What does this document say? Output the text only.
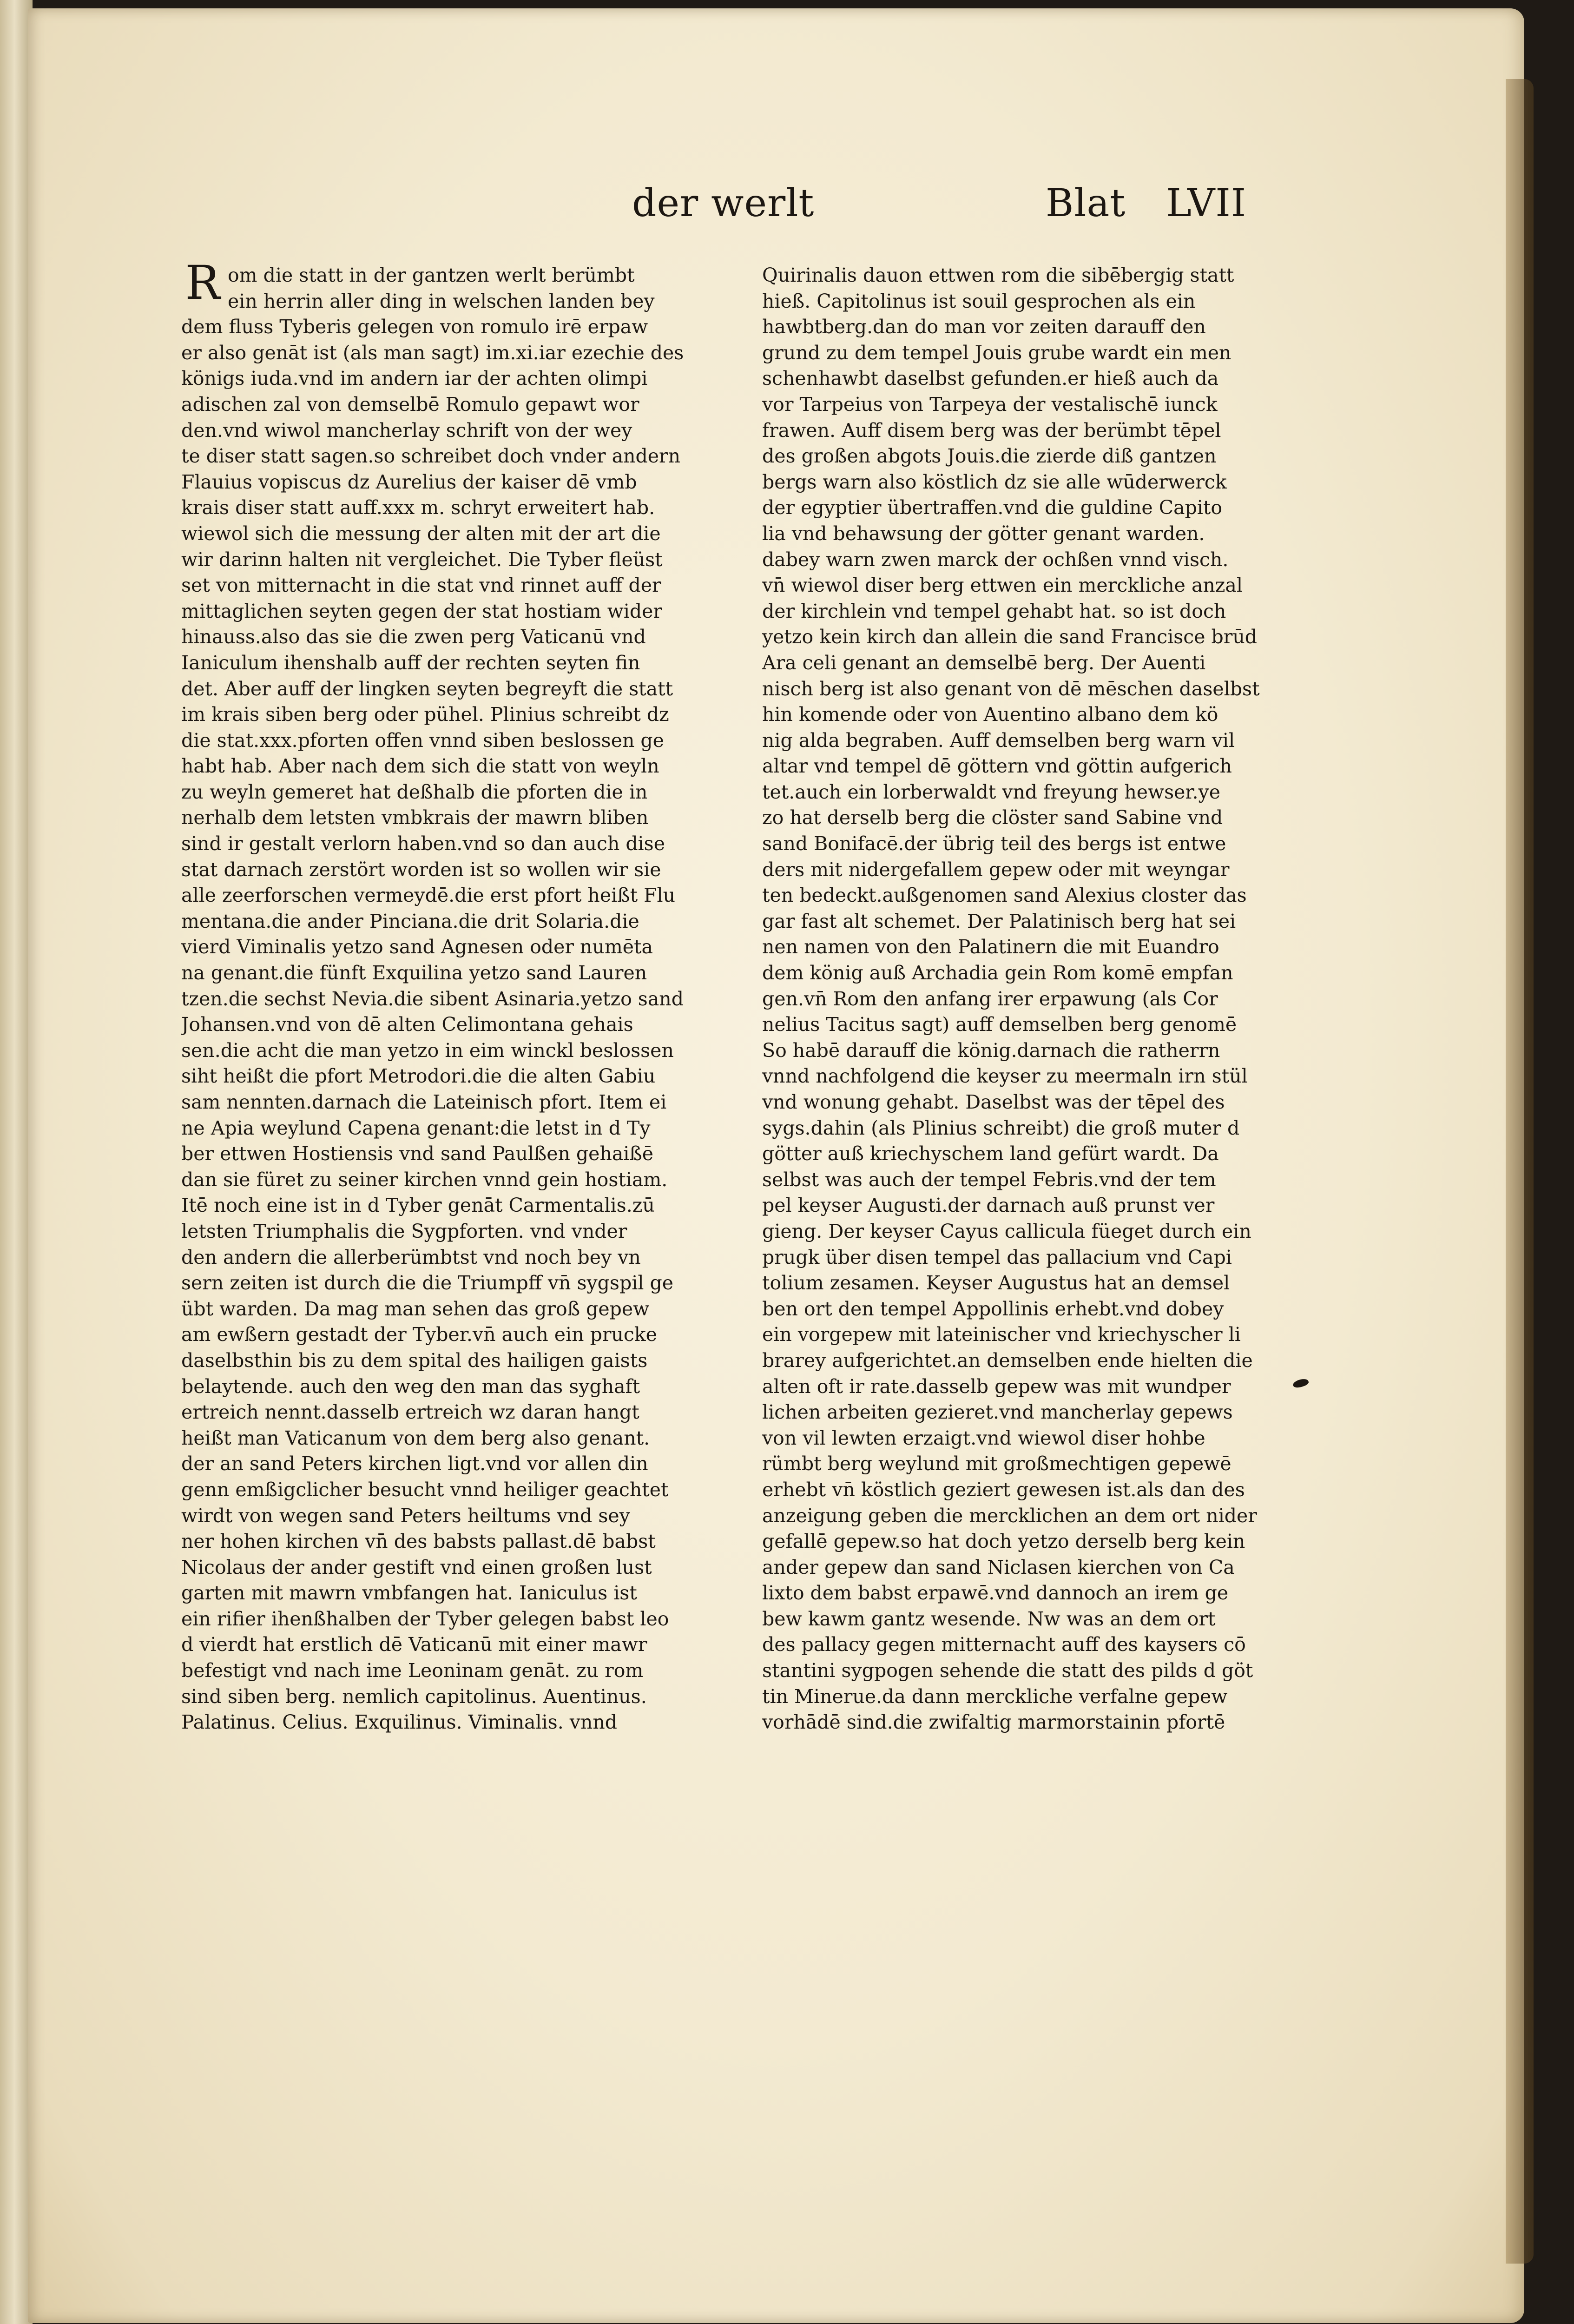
der werlt	Blat LVII
R om die statt in der gantzen werlt berümbt
ein herrin aller ding in welschen landen bey
dem fluss Tyberis gelegen von romulo irē erpaw
er also genāt ist (als man sagt) im.xi.iar ezechie des
königs iuda.vnd im andern iar der achten olimpi
adischen zal von demselbē Romulo gepawt wor
den.vnd wiwol mancherlay schrift von der wey
te diser statt sagen.so schreibet doch vnder andern
Flauius vopiscus dz Aurelius der kaiser dē vmb
krais diser statt auff.xxx m. schryt erweitert hab.
wiewol sich die messung der alten mit der art die
wir darinn halten nit vergleichet. Die Tyber fleüst
set von mitternacht in die stat vnd rinnet auff der
mittaglichen seyten gegen der stat hostiam wider
hinauss.also das sie die zwen perg Vaticanū vnd
Ianiculum ihenshalb auff der rechten seyten fin
det. Aber auff der lingken seyten begreyft die statt
im krais siben berg oder pühel. Plinius schreibt dz
die stat.xxx.pforten offen vnnd siben beslossen ge
habt hab. Aber nach dem sich die statt von weyln
zu weyln gemeret hat deßhalb die pforten die in
nerhalb dem letsten vmbkrais der mawrn bliben
sind ir gestalt verlorn haben.vnd so dan auch dise
stat darnach zerstört worden ist so wollen wir sie
alle zeerforschen vermeydē.die erst pfort heißt Flu
mentana.die ander Pinciana.die drit Solaria.die
vierd Viminalis yetzo sand Agnesen oder numēta
na genant.die fünft Exquilina yetzo sand Lauren
tzen.die sechst Nevia.die sibent Asinaria.yetzo sand
Johansen.vnd von dē alten Celimontana gehais
sen.die acht die man yetzo in eim winckl beslossen
siht heißt die pfort Metrodori.die die alten Gabiu
sam nennten.darnach die Lateinisch pfort. Item ei
ne Apia weylund Capena genant:die letst in d Ty
ber ettwen Hostiensis vnd sand Paulßen gehaißē
dan sie füret zu seiner kirchen vnnd gein hostiam.
Itē noch eine ist in d Tyber genāt Carmentalis.zū
letsten Triumphalis die Sygpforten. vnd vnder
den andern die allerberümbtst vnd noch bey vn
sern zeiten ist durch die die Triumpff vn̄ sygspil ge
übt warden. Da mag man sehen das groß gepew
am ewßern gestadt der Tyber.vn̄ auch ein prucke
daselbsthin bis zu dem spital des hailigen gaists
belaytende. auch den weg den man das syghaft
ertreich nennt.dasselb ertreich wz daran hangt
heißt man Vaticanum von dem berg also genant.
der an sand Peters kirchen ligt.vnd vor allen din
genn emßigclicher besucht vnnd heiliger geachtet
wirdt von wegen sand Peters heiltums vnd sey
ner hohen kirchen vn̄ des babsts pallast.dē babst
Nicolaus der ander gestift vnd einen großen lust
garten mit mawrn vmbfangen hat. Ianiculus ist
ein rifier ihenßhalben der Tyber gelegen babst leo
d vierdt hat erstlich dē Vaticanū mit einer mawr
befestigt vnd nach ime Leoninam genāt. zu rom
sind siben berg. nemlich capitolinus. Auentinus.
Palatinus. Celius. Exquilinus. Viminalis. vnnd
Quirinalis dauon ettwen rom die sibēbergig statt
hieß. Capitolinus ist souil gesprochen als ein
hawbtberg.dan do man vor zeiten darauff den
grund zu dem tempel Jouis grube wardt ein men
schenhawbt daselbst gefunden.er hieß auch da
vor Tarpeius von Tarpeya der vestalischē iunck
frawen. Auff disem berg was der berümbt tēpel
des großen abgots Jouis.die zierde diß gantzen
bergs warn also köstlich dz sie alle wūderwerck
der egyptier übertraffen.vnd die guldine Capito
lia vnd behawsung der götter genant warden.
dabey warn zwen marck der ochßen vnnd visch.
vn̄ wiewol diser berg ettwen ein merckliche anzal
der kirchlein vnd tempel gehabt hat. so ist doch
yetzo kein kirch dan allein die sand Francisce brūd
Ara celi genant an demselbē berg. Der Auenti
nisch berg ist also genant von dē mēschen daselbst
hin komende oder von Auentino albano dem kö
nig alda begraben. Auff demselben berg warn vil
altar vnd tempel dē göttern vnd göttin aufgerich
tet.auch ein lorberwaldt vnd freyung hewser.ye
zo hat derselb berg die clöster sand Sabine vnd
sand Bonifacē.der übrig teil des bergs ist entwe
ders mit nidergefallem gepew oder mit weyngar
ten bedeckt.außgenomen sand Alexius closter das
gar fast alt schemet. Der Palatinisch berg hat sei
nen namen von den Palatinern die mit Euandro
dem könig auß Archadia gein Rom komē empfan
gen.vn̄ Rom den anfang irer erpawung (als Cor
nelius Tacitus sagt) auff demselben berg genomē
So habē darauff die könig.darnach die ratherrn
vnnd nachfolgend die keyser zu meermaln irn stül
vnd wonung gehabt. Daselbst was der tēpel des
sygs.dahin (als Plinius schreibt) die groß muter d
götter auß kriechyschem land gefürt wardt. Da
selbst was auch der tempel Febris.vnd der tem
pel keyser Augusti.der darnach auß prunst ver
gieng. Der keyser Cayus callicula füeget durch ein
prugk über disen tempel das pallacium vnd Capi
tolium zesamen. Keyser Augustus hat an demsel
ben ort den tempel Appollinis erhebt.vnd dobey
ein vorgepew mit lateinischer vnd kriechyscher li
brarey aufgerichtet.an demselben ende hielten die
alten oft ir rate.dasselb gepew was mit wundper
lichen arbeiten gezieret.vnd mancherlay gepews
von vil lewten erzaigt.vnd wiewol diser hohbe
rümbt berg weylund mit großmechtigen gepewē
erhebt vn̄ köstlich geziert gewesen ist.als dan des
anzeigung geben die mercklichen an dem ort nider
gefallē gepew.so hat doch yetzo derselb berg kein
ander gepew dan sand Niclasen kierchen von Ca
lixto dem babst erpawē.vnd dannoch an irem ge
bew kawm gantz wesende. Nw was an dem ort
des pallacy gegen mitternacht auff des kaysers cō
stantini sygpogen sehende die statt des pilds d göt
tin Minerue.da dann merckliche verfalne gepew
vorhādē sind.die zwifaltig marmorstainin pfortē
